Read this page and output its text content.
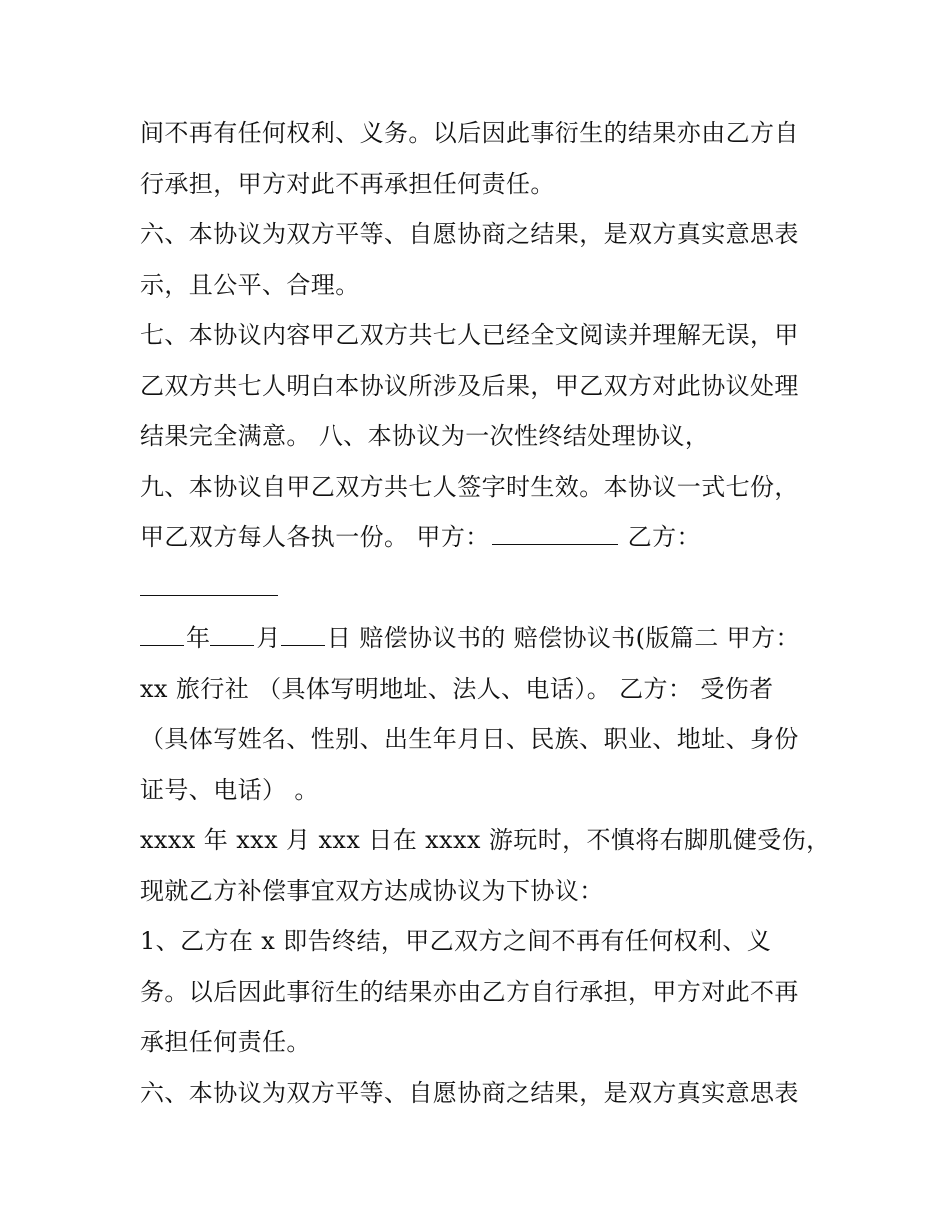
间不再有任何权利、义务。以后因此事衍生的结果亦由乙方自
行承担，甲方对此不再承担任何责任。
六、本协议为双方平等、自愿协商之结果，是双方真实意思表
示，且公平、合理。
七、本协议内容甲乙双方共七人已经全文阅读并理解无误，甲
乙双方共七人明白本协议所涉及后果，甲乙双方对此协议处理
结果完全满意。 八、本协议为一次性终结处理协议，
九、本协议自甲乙双方共七人签字时生效。本协议一式七份，
甲乙双方每人各执一份。 甲方：	乙方：
年 月 日 赔偿协议书的 赔偿协议书(版篇二 甲方：
xx 旅行社 （具体写明地址、法人、电话）。 乙方： 受伤者
（具体写姓名、性别、出生年月日、民族、职业、地址、身份
证号、电话） 。
xxxx 年 xxx 月 xxx 日在 xxxx 游玩时，不慎将右脚肌健受伤，
现就乙方补偿事宜双方达成协议为下协议：
1、乙方在 x 即告终结，甲乙双方之间不再有任何权利、义
务。以后因此事衍生的结果亦由乙方自行承担，甲方对此不再
承担任何责任。
六、本协议为双方平等、自愿协商之结果，是双方真实意思表
